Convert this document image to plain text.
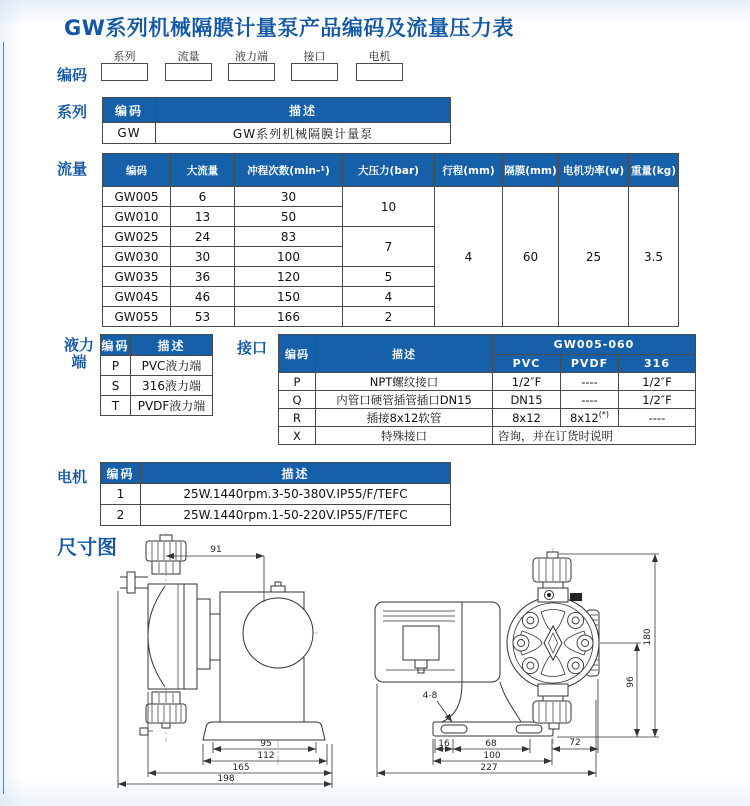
GW系列机械隔膜计量泵产品编码及流量压力表
编码
系列	流量	液力端	接口	电机
系列 编码	描述
GW	GW系列机械隔膜计量泵
流量	编码	大流量	冲程次数(min-¹)	大压力(bar)	行程(mm)	隔膜(mm)	电机功率(w)	重量(kg)
GW005	6	30	10	4	60	25	3.5
GW010	13	50					
GW025	24	83	7				
GW030	30	100					
GW035	36	120	5				
GW045	46	150	4				
GW055	53	166	2				
液力
端
编码	描述
P	PVC液力端
S	316液力端
T	PVDF液力端
接口 编码	描述	GW005-060		
		PVC	PVDF	316
P	NPT螺纹接口	1/2″F	----	1/2″F
Q	内管口硬管插管插口DN15	DN15	----	1/2″F
R	插接8x12软管	8x12	8x12(*)	----
X	特殊接口	咨询，并在订货时说明		
电机 编码	描述
1	25W.1440rpm.3-50-380V.IP55/F/TEFC
2	25W.1440rpm.1-50-220V.IP55/F/TEFC
尺寸图	91
95
112
165
198
4-8
16	68	72
100
227
96
180
